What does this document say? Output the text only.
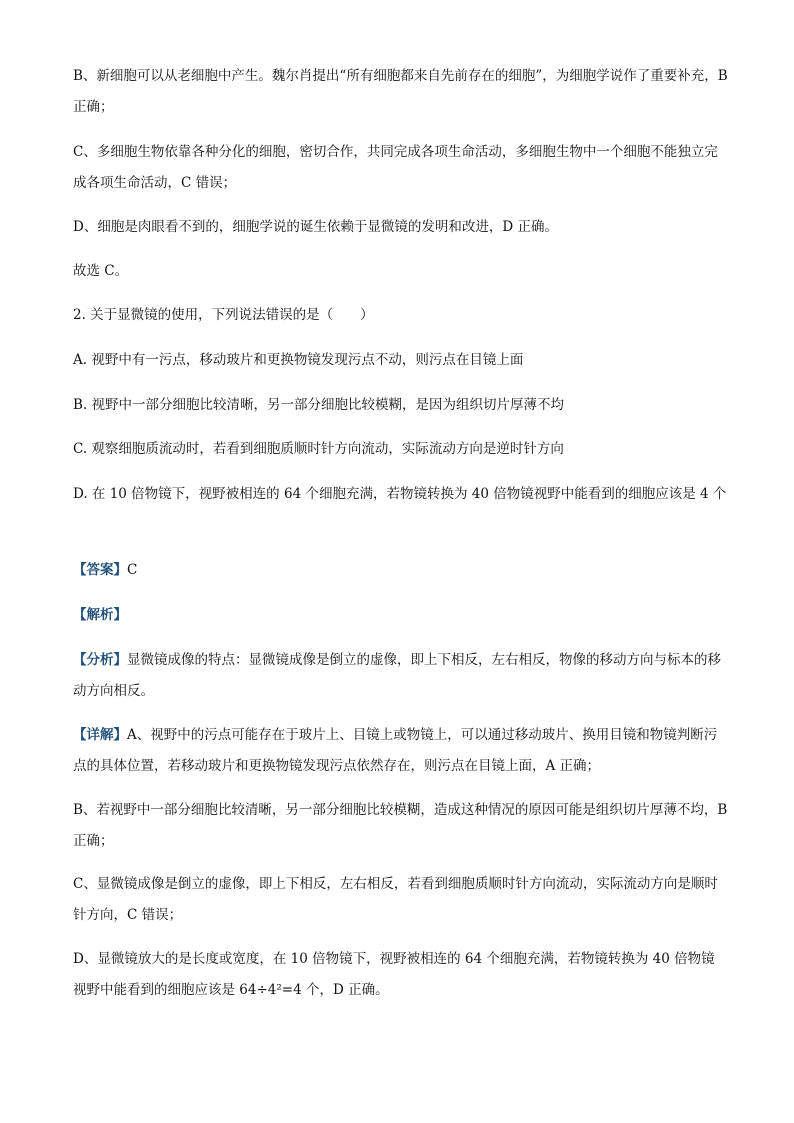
B、新细胞可以从老细胞中产生。魏尔肖提出“所有细胞都来自先前存在的细胞”，为细胞学说作了重要补充，B 正确；

C、多细胞生物依靠各种分化的细胞，密切合作，共同完成各项生命活动，多细胞生物中一个细胞不能独立完成各项生命活动，C 错误；

D、细胞是肉眼看不到的，细胞学说的诞生依赖于显微镜的发明和改进，D 正确。

故选 C。

2. 关于显微镜的使用，下列说法错误的是（　　）

A. 视野中有一污点，移动玻片和更换物镜发现污点不动，则污点在目镜上面

B. 视野中一部分细胞比较清晰，另一部分细胞比较模糊，是因为组织切片厚薄不均

C. 观察细胞质流动时，若看到细胞质顺时针方向流动，实际流动方向是逆时针方向

D. 在 10 倍物镜下，视野被相连的 64 个细胞充满，若物镜转换为 40 倍物镜视野中能看到的细胞应该是 4 个

【答案】C

【解析】

【分析】显微镜成像的特点：显微镜成像是倒立的虚像，即上下相反，左右相反，物像的移动方向与标本的移动方向相反。

【详解】A、视野中的污点可能存在于玻片上、目镜上或物镜上，可以通过移动玻片、换用目镜和物镜判断污点的具体位置，若移动玻片和更换物镜发现污点依然存在，则污点在目镜上面，A 正确；

B、若视野中一部分细胞比较清晰，另一部分细胞比较模糊，造成这种情况的原因可能是组织切片厚薄不均，B 正确；

C、显微镜成像是倒立的虚像，即上下相反，左右相反，若看到细胞质顺时针方向流动，实际流动方向是顺时针方向，C 错误；

D、显微镜放大的是长度或宽度，在 10 倍物镜下，视野被相连的 64 个细胞充满，若物镜转换为 40 倍物镜视野中能看到的细胞应该是 64÷4²=4 个，D 正确。
